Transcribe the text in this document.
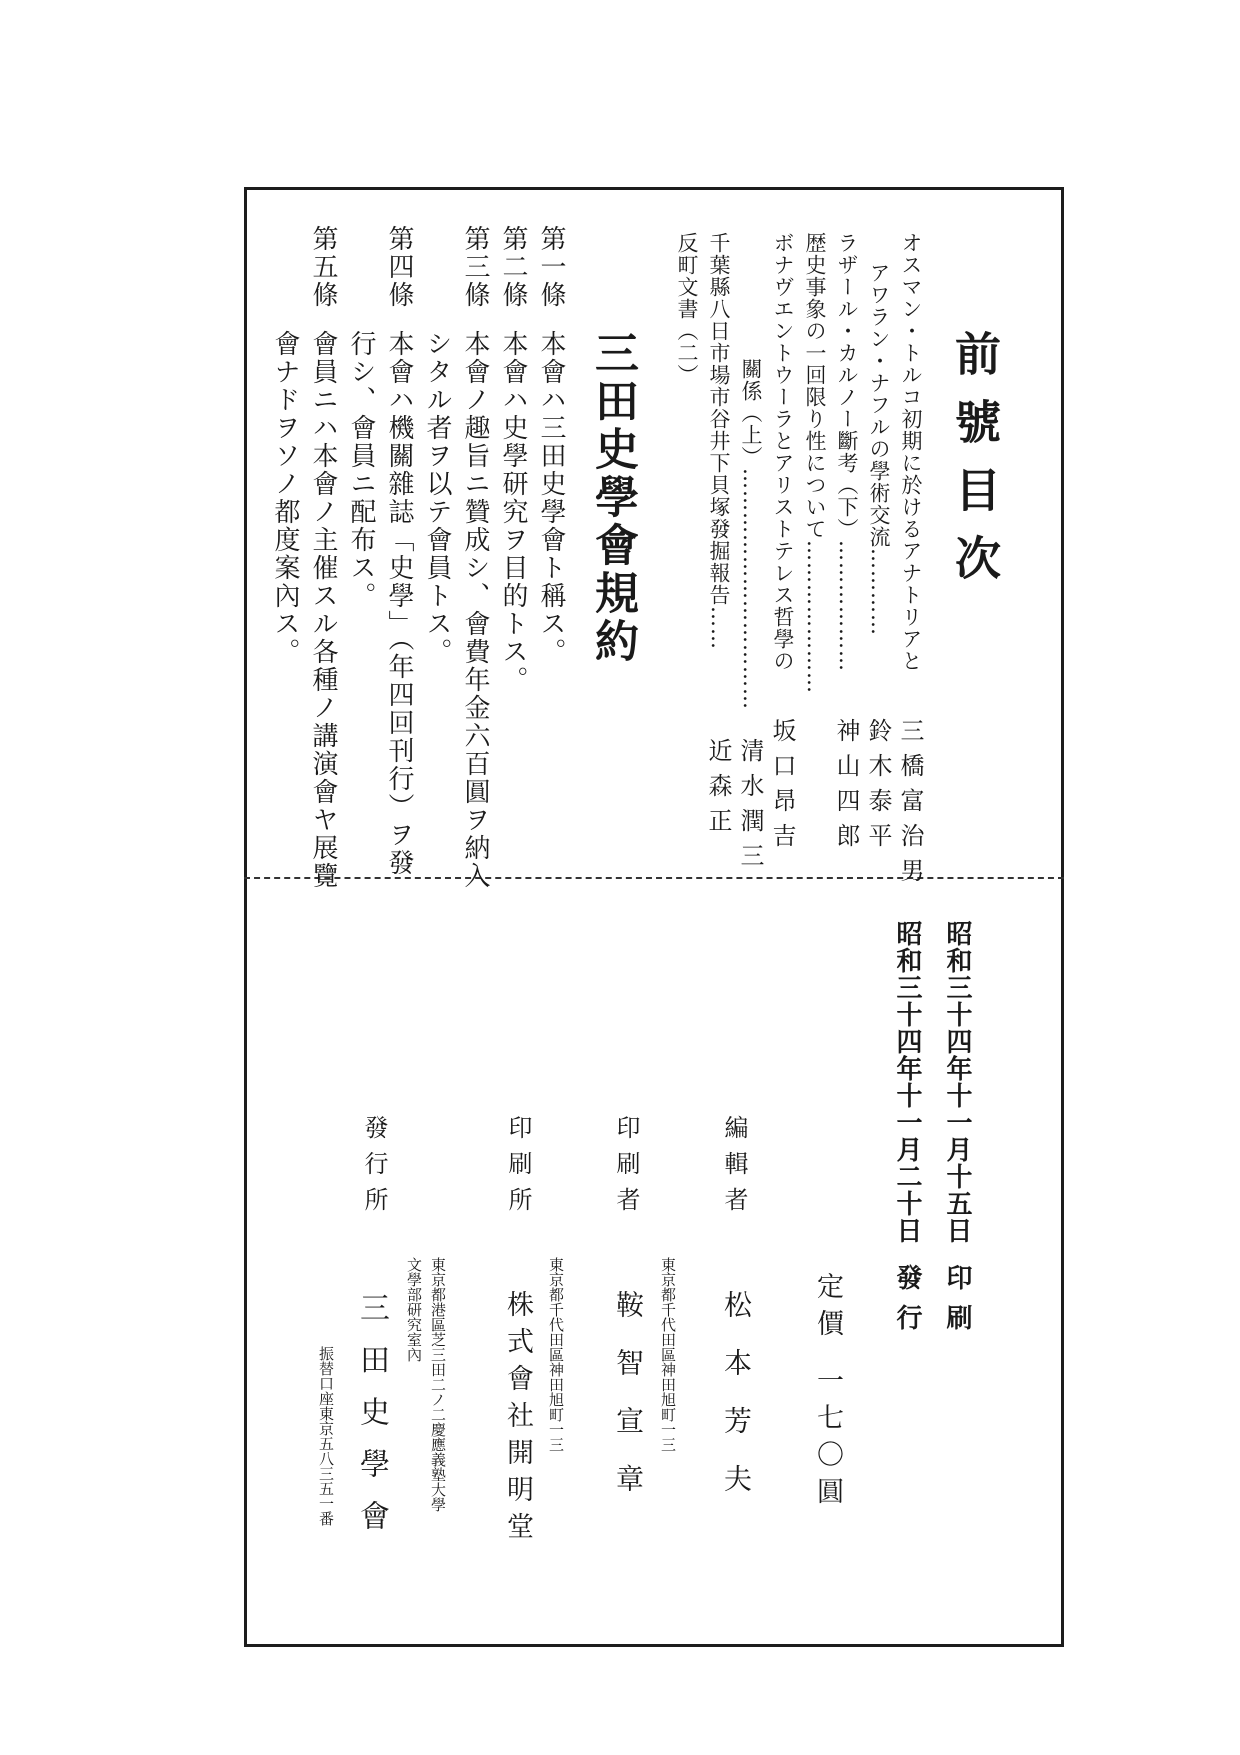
前號目次
オスマン・トルコ初期に於けるアナトリアと
アワラン・ナフルの學術交流…………
三橋富治男
ラザール・カルノー斷考（下）………………
鈴木泰平
歴史事象の一回限り性について…………………
神山四郎
ボナヴエントウーラとアリストテレス哲學の
關係（上）……………………………
坂口昂吉
千葉縣八日市場市谷井下貝塚發掘報告……
清水潤三
反町文書（二）
近森正
三田史學會規約
第一條
本會ハ三田史學會ト稱ス。
第二條
本會ハ史學研究ヲ目的トス。
第三條
本會ノ趣旨ニ贊成シ、會費年金六百圓ヲ納入
シタル者ヲ以テ會員トス。
第四條
本會ハ機關雜誌「史學」（年四回刊行）ヲ發
行シ、會員ニ配布ス。
第五條
會員ニハ本會ノ主催スル各種ノ講演會ヤ展覽
會ナドヲソノ都度案內ス。
昭和三十四年十一月十五日印刷
昭和三十四年十一月二十日發行
定價一七〇圓
編輯者
松本芳夫
東京都千代田區神田旭町一三
印刷者
鞍智宣章
東京都千代田區神田旭町一三
印刷所
株式會社開明堂
東京都港區芝三田二ノ二慶應義塾大學
文學部研究室內
發行所
三田史學會
振替口座東京五八三五一番
